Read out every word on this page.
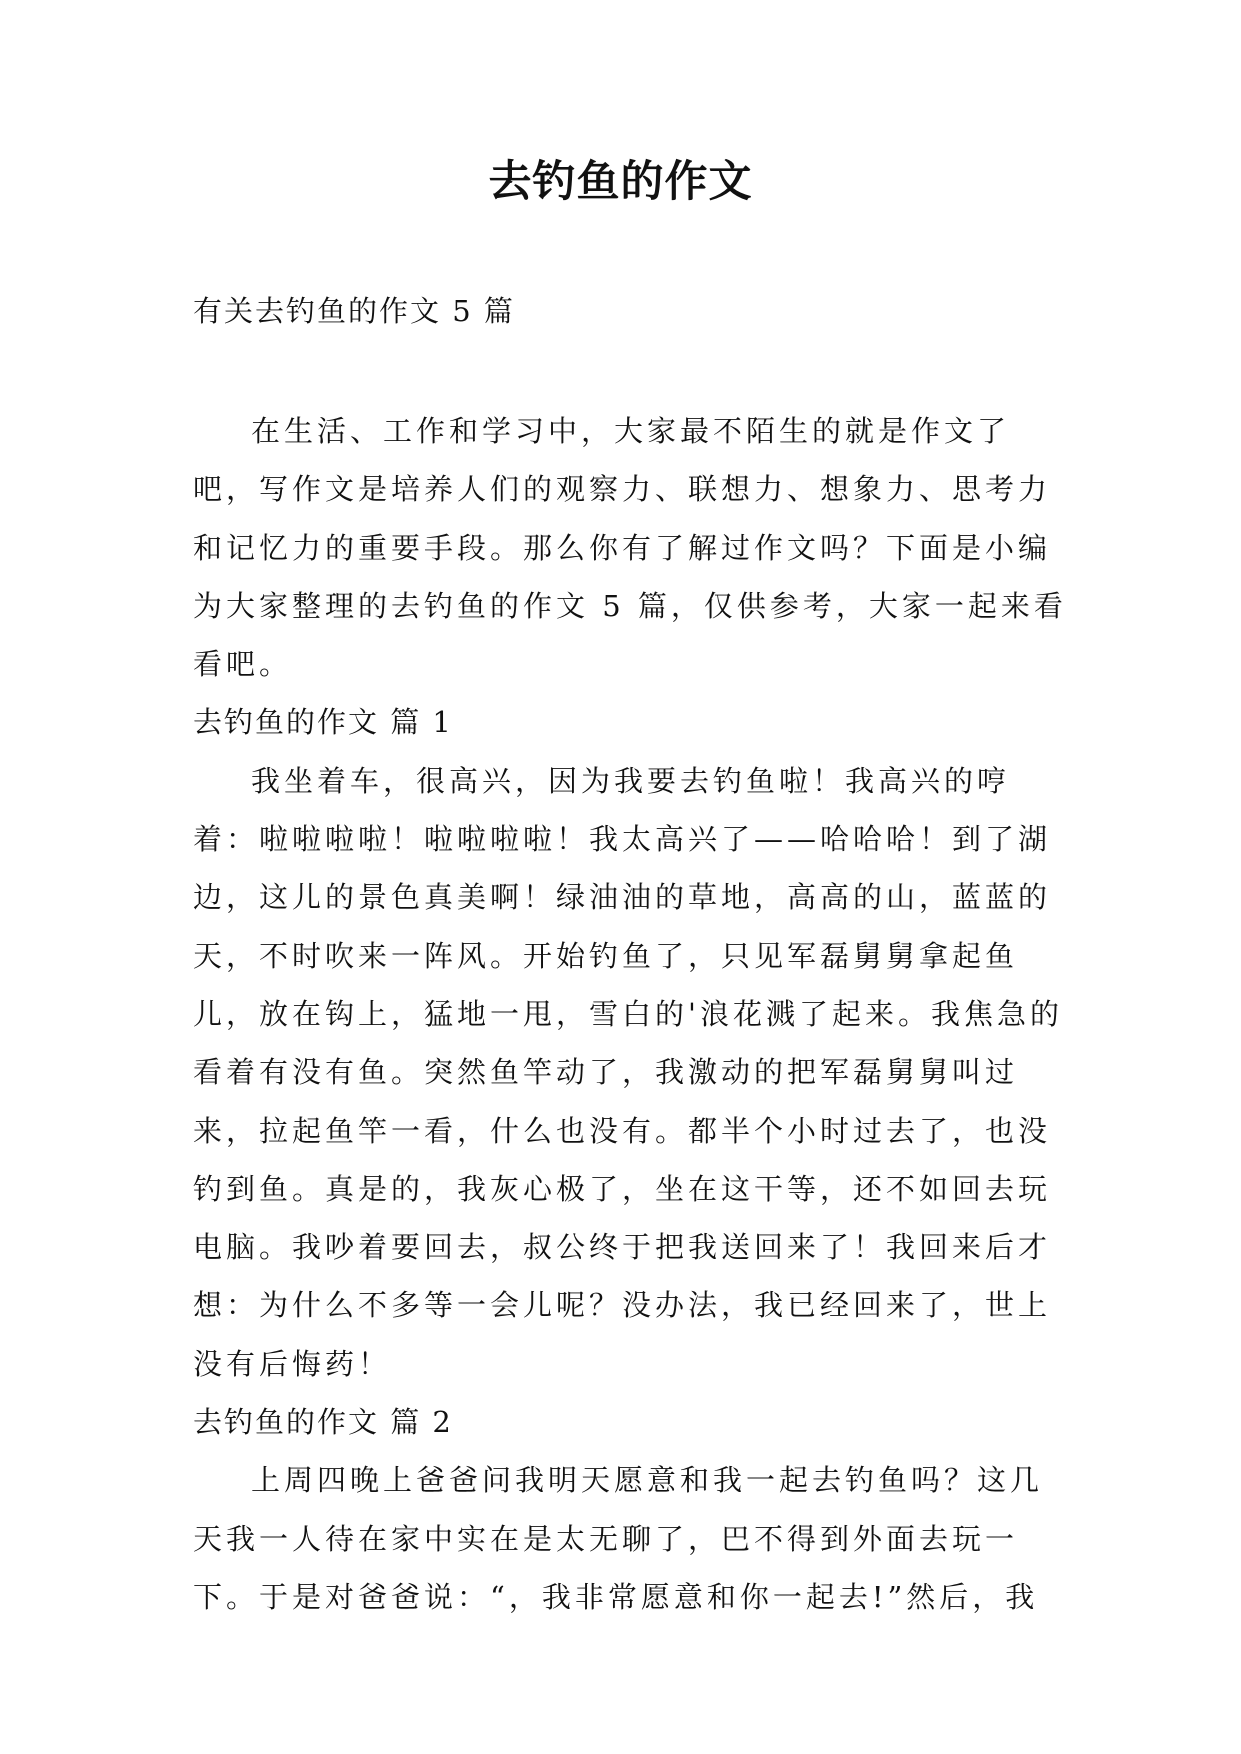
去钓鱼的作文
有关去钓鱼的作文 5 篇

在生活、工作和学习中，大家最不陌生的就是作文了吧，写作文是培养人们的观察力、联想力、想象力、思考力和记忆力的重要手段。那么你有了解过作文吗？下面是小编为大家整理的去钓鱼的作文 5 篇，仅供参考，大家一起来看看吧。

去钓鱼的作文 篇 1

我坐着车，很高兴，因为我要去钓鱼啦！我高兴的哼着：啦啦啦啦！啦啦啦啦！我太高兴了——哈哈哈！到了湖边，这儿的景色真美啊！绿油油的草地，高高的山，蓝蓝的天，不时吹来一阵风。开始钓鱼了，只见军磊舅舅拿起鱼儿，放在钩上，猛地一甩，雪白的'浪花溅了起来。我焦急的看着有没有鱼。突然鱼竿动了，我激动的把军磊舅舅叫过来，拉起鱼竿一看，什么也没有。都半个小时过去了，也没钓到鱼。真是的，我灰心极了，坐在这干等，还不如回去玩电脑。我吵着要回去，叔公终于把我送回来了！我回来后才想：为什么不多等一会儿呢？没办法，我已经回来了，世上没有后悔药！

去钓鱼的作文 篇 2

上周四晚上爸爸问我明天愿意和我一起去钓鱼吗？这几天我一人待在家中实在是太无聊了，巴不得到外面去玩一下。于是对爸爸说：“，我非常愿意和你一起去!”然后，我
